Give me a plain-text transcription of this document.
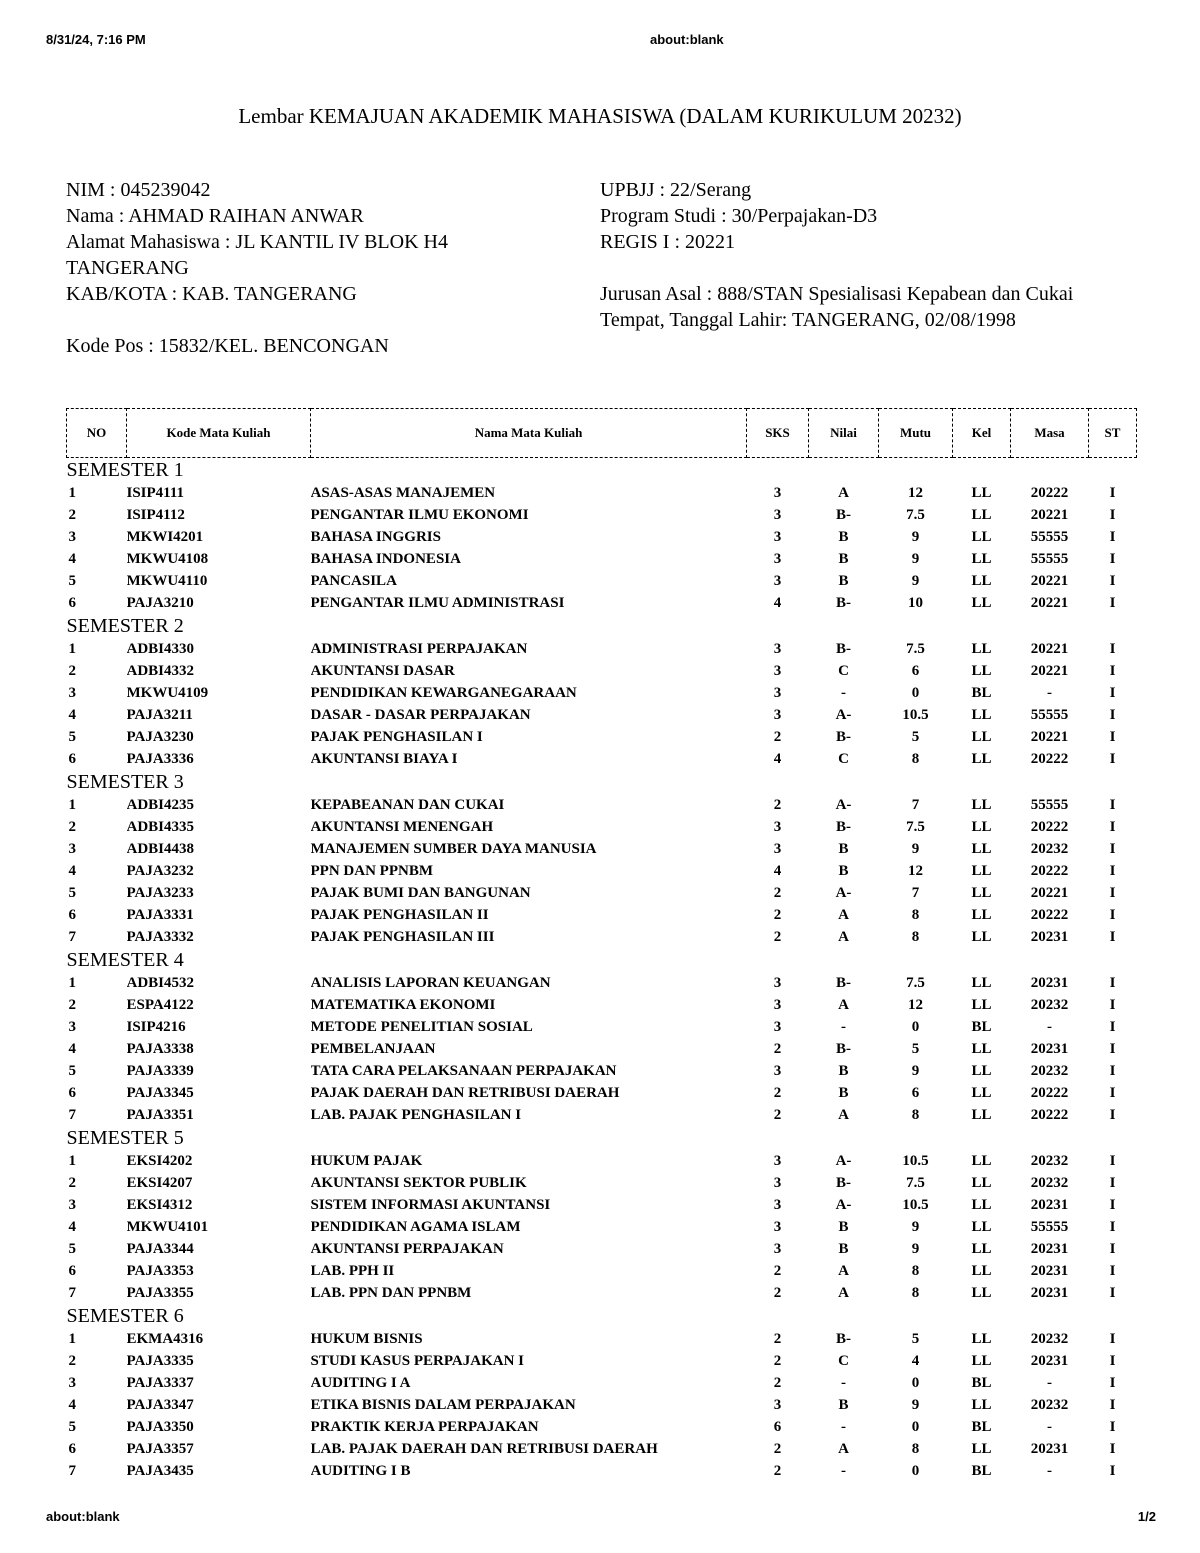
8/31/24, 7:16 PM	about:blank
Lembar KEMAJUAN AKADEMIK MAHASISWA (DALAM KURIKULUM 20232)
NIM : 045239042
Nama : AHMAD RAIHAN ANWAR
Alamat Mahasiswa : JL KANTIL IV BLOK H4 TANGERANG
KAB/KOTA : KAB. TANGERANG
Kode Pos : 15832/KEL. BENCONGAN
UPBJJ : 22/Serang
Program Studi : 30/Perpajakan-D3
REGIS I : 20221
Jurusan Asal : 888/STAN Spesialisasi Kepabean dan Cukai
Tempat, Tanggal Lahir: TANGERANG, 02/08/1998
NO	Kode Mata Kuliah	Nama Mata Kuliah	SKS	Nilai	Mutu	Kel	Masa	ST
SEMESTER 1								
1	ISIP4111	ASAS-ASAS MANAJEMEN	3	A	12	LL	20222	I
2	ISIP4112	PENGANTAR ILMU EKONOMI	3	B-	7.5	LL	20221	I
3	MKWI4201	BAHASA INGGRIS	3	B	9	LL	55555	I
4	MKWU4108	BAHASA INDONESIA	3	B	9	LL	55555	I
5	MKWU4110	PANCASILA	3	B	9	LL	20221	I
6	PAJA3210	PENGANTAR ILMU ADMINISTRASI	4	B-	10	LL	20221	I
SEMESTER 2								
1	ADBI4330	ADMINISTRASI PERPAJAKAN	3	B-	7.5	LL	20221	I
2	ADBI4332	AKUNTANSI DASAR	3	C	6	LL	20221	I
3	MKWU4109	PENDIDIKAN KEWARGANEGARAAN	3	-	0	BL	-	I
4	PAJA3211	DASAR - DASAR PERPAJAKAN	3	A-	10.5	LL	55555	I
5	PAJA3230	PAJAK PENGHASILAN I	2	B-	5	LL	20221	I
6	PAJA3336	AKUNTANSI BIAYA I	4	C	8	LL	20222	I
SEMESTER 3								
1	ADBI4235	KEPABEANAN DAN CUKAI	2	A-	7	LL	55555	I
2	ADBI4335	AKUNTANSI MENENGAH	3	B-	7.5	LL	20222	I
3	ADBI4438	MANAJEMEN SUMBER DAYA MANUSIA	3	B	9	LL	20232	I
4	PAJA3232	PPN DAN PPNBM	4	B	12	LL	20222	I
5	PAJA3233	PAJAK BUMI DAN BANGUNAN	2	A-	7	LL	20221	I
6	PAJA3331	PAJAK PENGHASILAN II	2	A	8	LL	20222	I
7	PAJA3332	PAJAK PENGHASILAN III	2	A	8	LL	20231	I
SEMESTER 4								
1	ADBI4532	ANALISIS LAPORAN KEUANGAN	3	B-	7.5	LL	20231	I
2	ESPA4122	MATEMATIKA EKONOMI	3	A	12	LL	20232	I
3	ISIP4216	METODE PENELITIAN SOSIAL	3	-	0	BL	-	I
4	PAJA3338	PEMBELANJAAN	2	B-	5	LL	20231	I
5	PAJA3339	TATA CARA PELAKSANAAN PERPAJAKAN	3	B	9	LL	20232	I
6	PAJA3345	PAJAK DAERAH DAN RETRIBUSI DAERAH	2	B	6	LL	20222	I
7	PAJA3351	LAB. PAJAK PENGHASILAN I	2	A	8	LL	20222	I
SEMESTER 5								
1	EKSI4202	HUKUM PAJAK	3	A-	10.5	LL	20232	I
2	EKSI4207	AKUNTANSI SEKTOR PUBLIK	3	B-	7.5	LL	20232	I
3	EKSI4312	SISTEM INFORMASI AKUNTANSI	3	A-	10.5	LL	20231	I
4	MKWU4101	PENDIDIKAN AGAMA ISLAM	3	B	9	LL	55555	I
5	PAJA3344	AKUNTANSI PERPAJAKAN	3	B	9	LL	20231	I
6	PAJA3353	LAB. PPH II	2	A	8	LL	20231	I
7	PAJA3355	LAB. PPN DAN PPNBM	2	A	8	LL	20231	I
SEMESTER 6								
1	EKMA4316	HUKUM BISNIS	2	B-	5	LL	20232	I
2	PAJA3335	STUDI KASUS PERPAJAKAN I	2	C	4	LL	20231	I
3	PAJA3337	AUDITING I A	2	-	0	BL	-	I
4	PAJA3347	ETIKA BISNIS DALAM PERPAJAKAN	3	B	9	LL	20232	I
5	PAJA3350	PRAKTIK KERJA PERPAJAKAN	6	-	0	BL	-	I
6	PAJA3357	LAB. PAJAK DAERAH DAN RETRIBUSI DAERAH	2	A	8	LL	20231	I
7	PAJA3435	AUDITING I B	2	-	0	BL	-	I
about:blank	1/2
